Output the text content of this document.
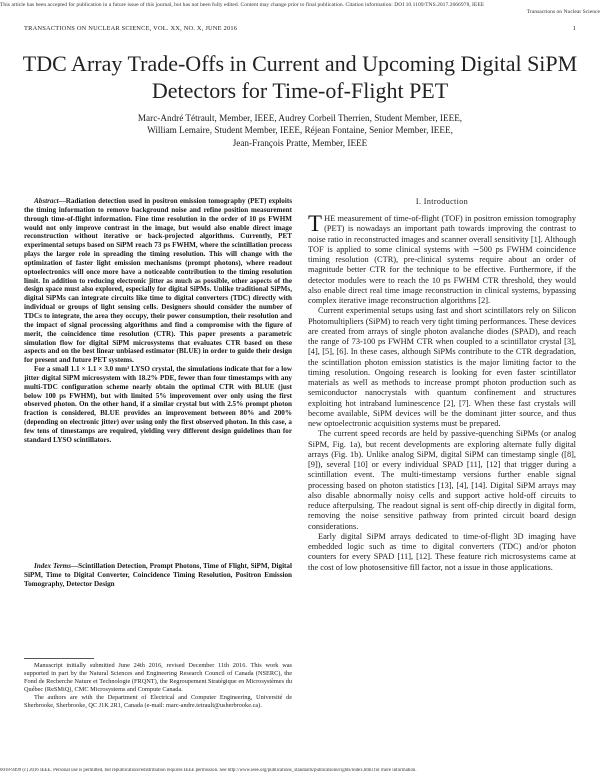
This article has been accepted for publication in a future issue of this journal, but has not been fully edited. Content may change prior to final publication. Citation information: DOI 10.1109/TNS.2017.2666978, IEEE
Transactions on Nuclear Science
TRANSACTIONS ON NUCLEAR SCIENCE, VOL. XX, NO. X, JUNE 2016	1
TDC Array Trade-Offs in Current and Upcoming Digital SiPM Detectors for Time-of-Flight PET
Marc-André Tétrault, Member, IEEE, Audrey Corbeil Therrien, Student Member, IEEE,
William Lemaire, Student Member, IEEE, Réjean Fontaine, Senior Member, IEEE,
Jean-François Pratte, Member, IEEE

Abstract—Radiation detection used in positron emission tomography (PET) exploits the timing information to remove background noise and refine position measurement through time-of-flight information. Fine time resolution in the order of 10 ps FWHM would not only improve contrast in the image, but would also enable direct image reconstruction without iterative or back-projected algorithms. Currently, PET experimental setups based on SiPM reach 73 ps FWHM, where the scintillation process plays the larger role in spreading the timing resolution. This will change with the optimization of faster light emission mechanisms (prompt photons), where readout optoelectronics will once more have a noticeable contribution to the timing resolution limit. In addition to reducing electronic jitter as much as possible, other aspects of the design space must also explored, especially for digital SiPMs. Unlike traditional SiPMs, digital SiPMs can integrate circuits like time to digital converters (TDC) directly with individual or groups of light sensing cells. Designers should consider the number of TDCs to integrate, the area they occupy, their power consumption, their resolution and the impact of signal processing algorithms and find a compromise with the figure of merit, the coincidence time resolution (CTR). This paper presents a parametric simulation flow for digital SiPM microsystems that evaluates CTR based on these aspects and on the best linear unbiased estimator (BLUE) in order to guide their design for present and future PET systems.

For a small 1.1 × 1.1 × 3.0 mm³ LYSO crystal, the simulations indicate that for a low jitter digital SiPM microsystem with 18.2% PDE, fewer than four timestamps with any multi-TDC configuration scheme nearly obtain the optimal CTR with BLUE (just below 100 ps FWHM), but with limited 5% improvement over only using the first observed photon. On the other hand, if a similar crystal but with 2.5% prompt photon fraction is considered, BLUE provides an improvement between 80% and 200% (depending on electronic jitter) over using only the first observed photon. In this case, a few tens of timestamps are required, yielding very different design guidelines than for standard LYSO scintillators.

Index Terms—Scintillation Detection, Prompt Photons, Time of Flight, SiPM, Digital SiPM, Time to Digital Converter, Coincidence Timing Resolution, Positron Emission Tomography, Detector Design

Manuscript initially submitted June 24th 2016, revised December 11th 2016. This work was supported in part by the Natural Sciences and Engineering Research Council of Canada (NSERC), the Fond de Recherche Nature et Technologie (FRQNT), the Regroupement Stratégique en Microsystèmes du Québec (ReSMiQ), CMC Microsystems and Compute Canada.

The authors are with the Department of Electrical and Computer Engineering, Université de Sherbrooke, Sherbrooke, QC J1K 2R1, Canada (e-mail: marc-andre.tetrault@usherbrooke.ca).

I. Introduction

THE measurement of time-of-flight (TOF) in positron emission tomography (PET) is nowadays an important path towards improving the contrast to noise ratio in reconstructed images and scanner overall sensitivity [1]. Although TOF is applied to some clinical systems with ∼500 ps FWHM coincidence timing resolution (CTR), pre-clinical systems require about an order of magnitude better CTR for the technique to be effective. Furthermore, if the detector modules were to reach the 10 ps FWHM CTR threshold, they would also enable direct real time image reconstruction in clinical systems, bypassing complex iterative image reconstruction algorithms [2].

Current experimental setups using fast and short scintillators rely on Silicon Photomultipliers (SiPM) to reach very tight timing performances. These devices are created from arrays of single photon avalanche diodes (SPAD), and reach the range of 73-100 ps FWHM CTR when coupled to a scintillator crystal [3], [4], [5], [6]. In these cases, although SiPMs contribute to the CTR degradation, the scintillation photon emission statistics is the major limiting factor to the timing resolution. Ongoing research is looking for even faster scintillator materials as well as methods to increase prompt photon production such as semiconductor nanocrystals with quantum confinement and structures exploiting hot intraband luminescence [2], [7]. When these fast crystals will become available, SiPM devices will be the dominant jitter source, and thus new optoelectronic acquisition systems must be prepared.

The current speed records are held by passive-quenching SiPMs (or analog SiPM, Fig. 1a), but recent developments are exploring alternate fully digital arrays (Fig. 1b). Unlike analog SiPM, digital SiPM can timestamp single ([8], [9]), several [10] or every individual SPAD [11], [12] that trigger during a scintillation event. The multi-timestamp versions further enable signal processing based on photon statistics [13], [4], [14]. Digital SiPM arrays may also disable abnormally noisy cells and support active hold-off circuits to reduce afterpulsing. The readout signal is sent off-chip directly in digital form, removing the noise sensitive pathway from printed circuit board design considerations.

Early digital SiPM arrays dedicated to time-of-flight 3D imaging have embedded logic such as time to digital converters (TDC) and/or photon counters for every SPAD [11], [12]. These feature rich microsystems came at the cost of low photosensitive fill factor, not a issue in those applications.

0018-9499 (c) 2016 IEEE. Personal use is permitted, but republication/redistribution requires IEEE permission. See http://www.ieee.org/publications_standards/publications/rights/index.html for more information.
